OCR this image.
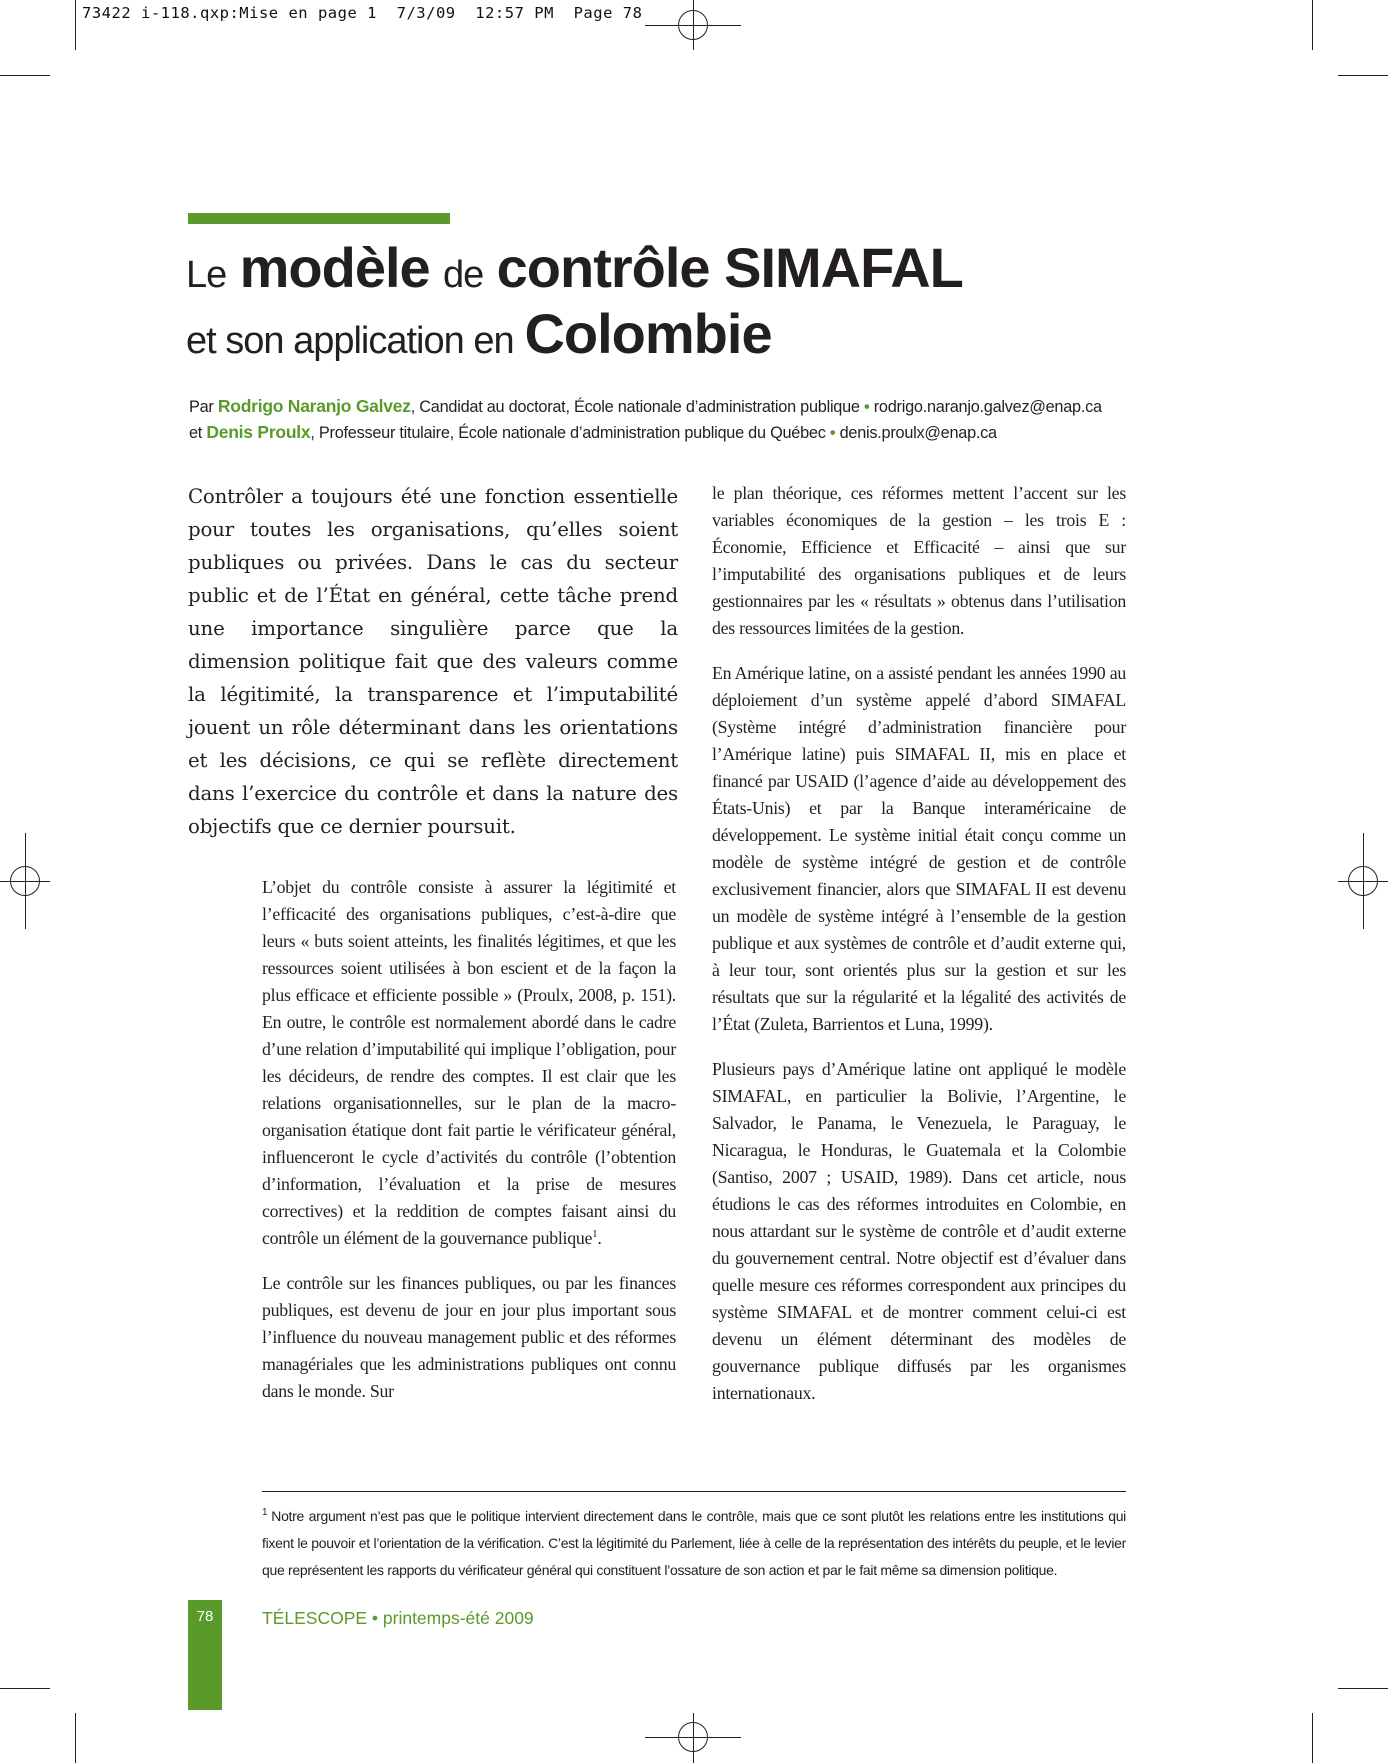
73422 i-118.qxp:Mise en page 1  7/3/09  12:57 PM  Page 78
Le modèle de contrôle SIMAFAL
et son application en Colombie
Par Rodrigo Naranjo Galvez, Candidat au doctorat, École nationale d’administration publique • rodrigo.naranjo.galvez@enap.ca
et Denis Proulx, Professeur titulaire, École nationale d’administration publique du Québec • denis.proulx@enap.ca

Contrôler a toujours été une fonction essentielle pour toutes les organisations, qu’elles soient publiques ou privées. Dans le cas du secteur public et de l’État en général, cette tâche prend une importance singulière parce que la dimension politique fait que des valeurs comme la légitimité, la transparence et l’imputabilité jouent un rôle déterminant dans les orientations et les décisions, ce qui se reflète directement dans l’exercice du contrôle et dans la nature des objectifs que ce dernier poursuit.

L’objet du contrôle consiste à assurer la légitimité et l’efficacité des organisations publiques, c’est-à-dire que leurs « buts soient atteints, les finalités légitimes, et que les ressources soient utilisées à bon escient et de la façon la plus efficace et efficiente possible » (Proulx, 2008, p. 151). En outre, le contrôle est normalement abordé dans le cadre d’une relation d’imputabilité qui implique l’obligation, pour les décideurs, de rendre des comptes. Il est clair que les relations organisationnelles, sur le plan de la macro-organisation étatique dont fait partie le vérificateur général, influenceront le cycle d’activités du contrôle (l’obtention d’information, l’évaluation et la prise de mesures correctives) et la reddition de comptes faisant ainsi du contrôle un élément de la gouvernance publique$^1$.

Le contrôle sur les finances publiques, ou par les finances publiques, est devenu de jour en jour plus important sous l’influence du nouveau management public et des réformes managériales que les administrations publiques ont connu dans le monde. Sur

le plan théorique, ces réformes mettent l’accent sur les variables économiques de la gestion – les trois E : Économie, Efficience et Efficacité – ainsi que sur l’imputabilité des organisations publiques et de leurs gestionnaires par les « résultats » obtenus dans l’utilisation des ressources limitées de la gestion.

En Amérique latine, on a assisté pendant les années 1990 au déploiement d’un système appelé d’abord SIMAFAL (Système intégré d’administration financière pour l’Amérique latine) puis SIMAFAL II, mis en place et financé par USAID (l’agence d’aide au développement des États-Unis) et par la Banque interaméricaine de développement. Le système initial était conçu comme un modèle de système intégré de gestion et de contrôle exclusivement financier, alors que SIMAFAL II est devenu un modèle de système intégré à l’ensemble de la gestion publique et aux systèmes de contrôle et d’audit externe qui, à leur tour, sont orientés plus sur la gestion et sur les résultats que sur la régularité et la légalité des activités de l’État (Zuleta, Barrientos et Luna, 1999).

Plusieurs pays d’Amérique latine ont appliqué le modèle SIMAFAL, en particulier la Bolivie, l’Argentine, le Salvador, le Panama, le Venezuela, le Paraguay, le Nicaragua, le Honduras, le Guatemala et la Colombie (Santiso, 2007 ; USAID, 1989). Dans cet article, nous étudions le cas des réformes introduites en Colombie, en nous attardant sur le système de contrôle et d’audit externe du gouvernement central. Notre objectif est d’évaluer dans quelle mesure ces réformes correspondent aux principes du système SIMAFAL et de montrer comment celui-ci est devenu un élément déterminant des modèles de gouvernance publique diffusés par les organismes internationaux.

$^1$ Notre argument n’est pas que le politique intervient directement dans le contrôle, mais que ce sont plutôt les relations entre les institutions qui fixent le pouvoir et l’orientation de la vérification. C’est la légitimité du Parlement, liée à celle de la représentation des intérêts du peuple, et le levier que représentent les rapports du vérificateur général qui constituent l’ossature de son action et par le fait même sa dimension politique.
78	TÉLESCOPE • printemps-été 2009
